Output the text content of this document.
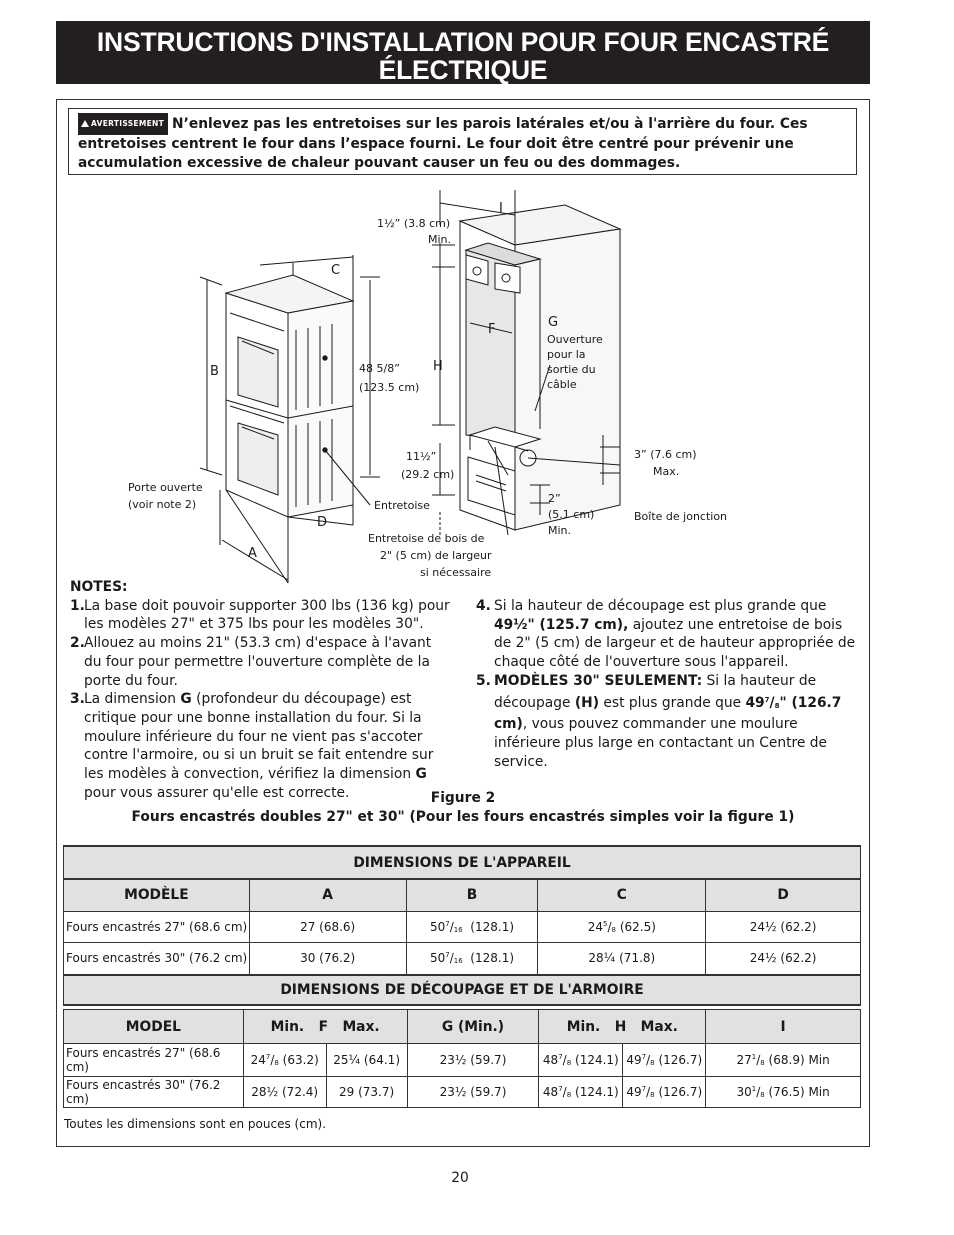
INSTRUCTIONS D'INSTALLATION POUR FOUR ENCASTRÉ ÉLECTRIQUE
(Combiné à une table de cuisson électrique ou à gaz (en option))
AVERTISSEMENT N’enlevez pas les entretoises sur les parois latérales et/ou à l'arrière du four. Ces entretoises centrent le four dans l’espace fourni. Le four doit être centré pour prévenir une accumulation excessive de chaleur pouvant causer un feu ou des dommages.
B
A
D
C
48 5/8”
(123.5 cm)
Entretoise
Porte ouverte
(voir note 2)
1½” (3.8 cm)
Min.
I
F	G
H
Ouverture
pour la
sortie du
câble
11½”
(29.2 cm)
3” (7.6 cm)
Max.
2”
(5.1 cm)
Min.
Boîte de jonction
Entretoise de bois de
2" (5 cm) de largeur
si nécessaire
NOTES:
1. La base doit pouvoir supporter 300 lbs (136 kg) pour les modèles 27" et 375 lbs pour les modèles 30".
2. Allouez au moins 21" (53.3 cm) d'espace à l'avant du four pour permettre l'ouverture complète de la porte du four.
3. La dimension G (profondeur du découpage) est critique pour une bonne installation du four. Si la moulure inférieure du four ne vient pas s'accoter contre l'armoire, ou si un bruit se fait entendre sur les modèles à convection, vérifiez la dimension G pour vous assurer qu'elle est correcte.
4. Si la hauteur de découpage est plus grande que 49½" (125.7 cm), ajoutez une entretoise de bois de 2" (5 cm) de largeur et de hauteur appropriée de chaque côté de l'ouverture sous l'appareil.
5. MODÈLES 30" SEULEMENT: Si la hauteur de découpage (H) est plus grande que $49^7/_8$" (126.7 cm), vous pouvez commander une moulure inférieure plus large en contactant un Centre de service.
Figure 2
Fours encastrés doubles 27" et 30" (Pour les fours encastrés simples voir la figure 1)
DIMENSIONS DE L'APPAREIL				
MODÈLE	A	B	C	D
Fours encastrés 27" (68.6 cm)	27 (68.6)	$50^7/_{16}$ (128.1)	$24^5/_8$ (62.5)	24½ (62.2)
Fours encastrés 30" (76.2 cm)	30 (76.2)	$50^7/_{16}$ (128.1)	28¼ (71.8)	24½ (62.2)
DIMENSIONS DE DÉCOUPAGE ET DE L'ARMOIRE				
MODEL	Min. F Max.		G (Min.)	Min. H Max.		I
Fours encastrés 27" (68.6 cm)	$24^7/_8$ (63.2)	25¼ (64.1)	23½ (59.7)	$48^7/_8$ (124.1)	$49^7/_8$ (126.7)	$27^1/_8$ (68.9) Min
Fours encastrés 30" (76.2 cm)	28½ (72.4)	29 (73.7)	23½ (59.7)	$48^7/_8$ (124.1)	$49^7/_8$ (126.7)	$30^1/_8$ (76.5) Min
Toutes les dimensions sont en pouces (cm).
20
